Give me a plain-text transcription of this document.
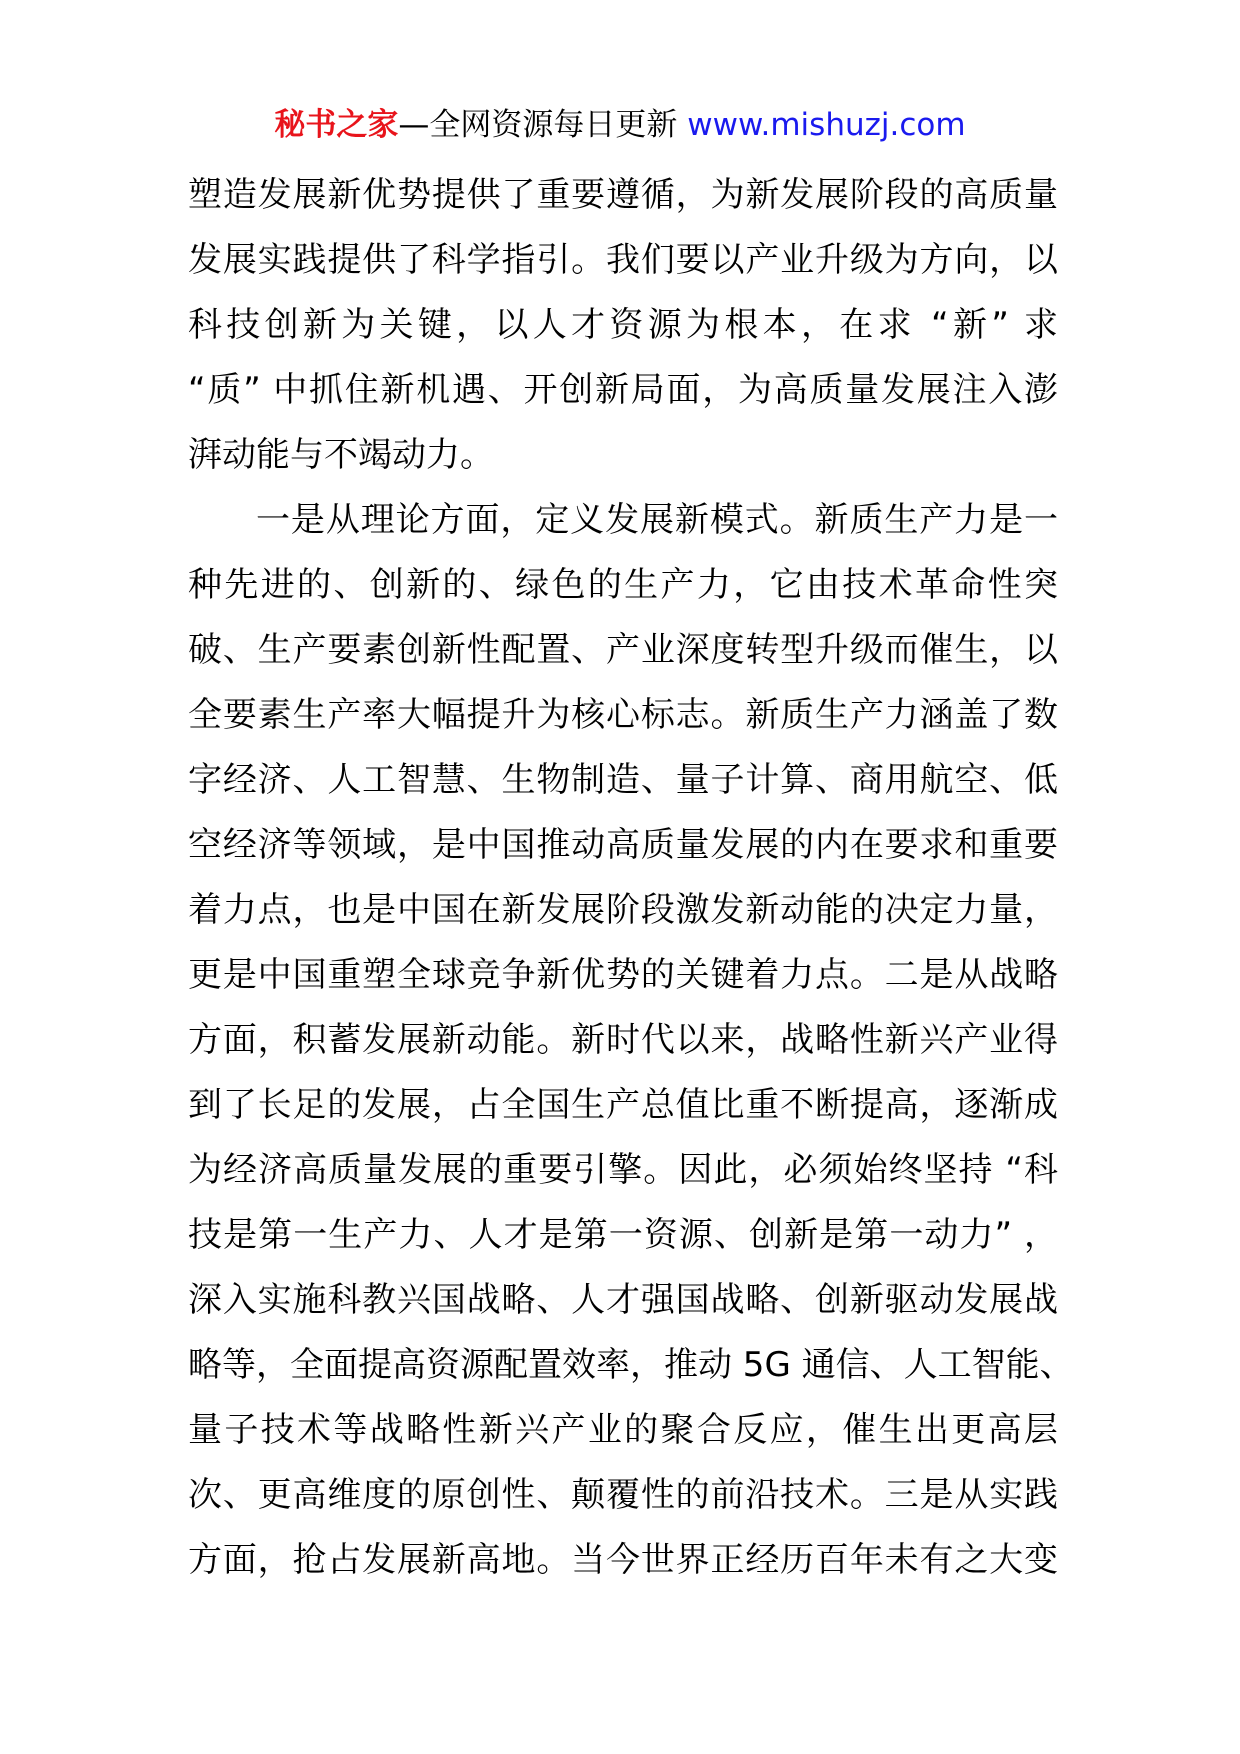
秘书之家—全网资源每日更新 www.mishuzj.com
塑造发展新优势提供了重要遵循，为新发展阶段的高质量
发展实践提供了科学指引。我们要以产业升级为方向，以
科技创新为关键，以人才资源为根本，在求 “新” 求
“质” 中抓住新机遇、开创新局面，为高质量发展注入澎
湃动能与不竭动力。
一是从理论方面，定义发展新模式。新质生产力是一
种先进的、创新的、绿色的生产力，它由技术革命性突
破、生产要素创新性配置、产业深度转型升级而催生，以
全要素生产率大幅提升为核心标志。新质生产力涵盖了数
字经济、人工智慧、生物制造、量子计算、商用航空、低
空经济等领域，是中国推动高质量发展的内在要求和重要
着力点，也是中国在新发展阶段激发新动能的决定力量，
更是中国重塑全球竞争新优势的关键着力点。二是从战略
方面，积蓄发展新动能。新时代以来，战略性新兴产业得
到了长足的发展，占全国生产总值比重不断提高，逐渐成
为经济高质量发展的重要引擎。因此，必须始终坚持 “科
技是第一生产力、人才是第一资源、创新是第一动力” ，
深入实施科教兴国战略、人才强国战略、创新驱动发展战
略等，全面提高资源配置效率，推动 5G 通信、人工智能、
量子技术等战略性新兴产业的聚合反应，催生出更高层
次、更高维度的原创性、颠覆性的前沿技术。三是从实践
方面，抢占发展新高地。当今世界正经历百年未有之大变
